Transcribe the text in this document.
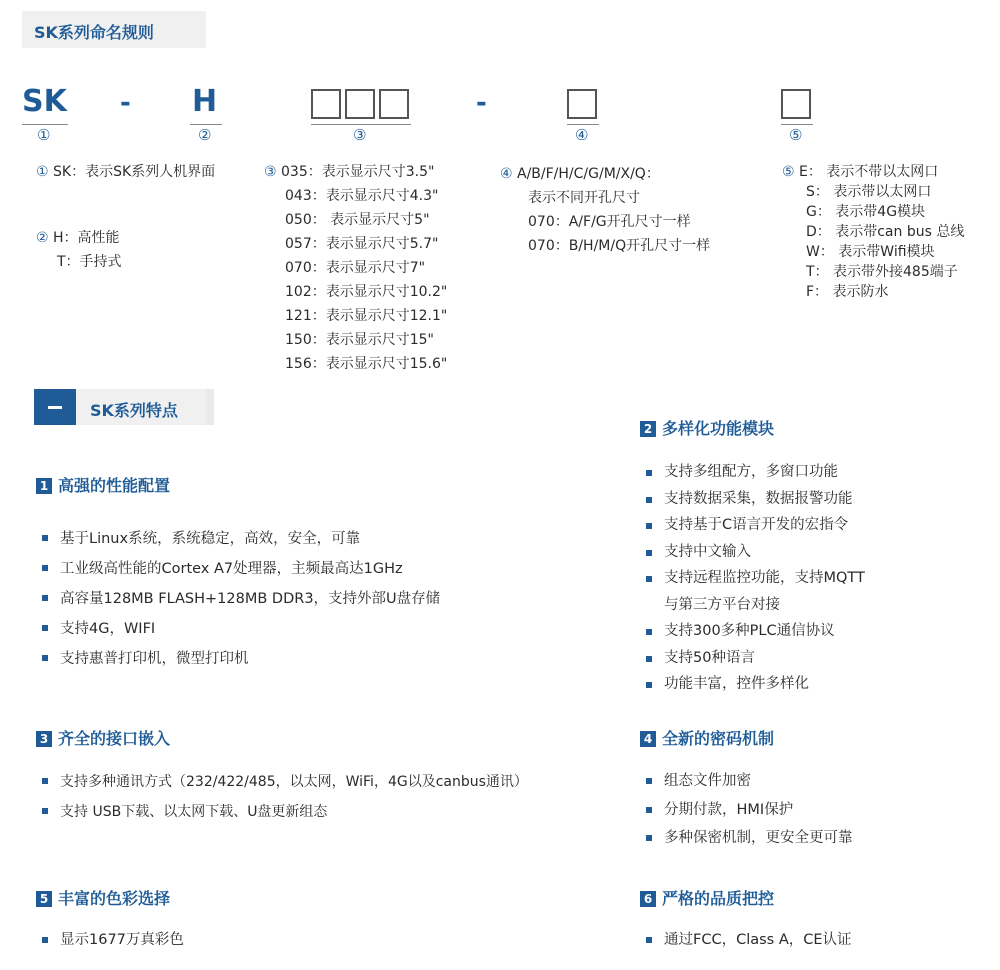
SK系列命名规则
SK - H	-
①	②	③	④	⑤
① SK：表示SK系列人机界面
② H：高性能
T：手持式
③ 035：表示显示尺寸3.5"
043：表示显示尺寸4.3"
050： 表示显示尺寸5"
057：表示显示尺寸5.7"
070：表示显示尺寸7"
102：表示显示尺寸10.2"
121：表示显示尺寸12.1"
150：表示显示尺寸15"
156：表示显示尺寸15.6"
④ A/B/F/H/C/G/M/X/Q：
表示不同开孔尺寸
070：A/F/G开孔尺寸一样
070：B/H/M/Q开孔尺寸一样
⑤ E： 表示不带以太网口
S： 表示带以太网口
G： 表示带4G模块
D： 表示带can bus 总线
W： 表示带Wifi模块
T： 表示带外接485端子
F： 表示防水
SK系列特点
1 高强的性能配置
基于Linux系统，系统稳定，高效，安全，可靠
工业级高性能的Cortex A7处理器，主频最高达1GHz
高容量128MB FLASH+128MB DDR3，支持外部U盘存储
支持4G，WIFI
支持惠普打印机，微型打印机
2 多样化功能模块
支持多组配方，多窗口功能
支持数据采集，数据报警功能
支持基于C语言开发的宏指令
支持中文输入
支持远程监控功能，支持MQTT
与第三方平台对接
支持300多种PLC通信协议
支持50种语言
功能丰富，控件多样化
3 齐全的接口嵌入
支持多种通讯方式（232/422/485，以太网，WiFi，4G以及canbus通讯）
支持 USB下载、以太网下载、U盘更新组态
4 全新的密码机制
组态文件加密
分期付款，HMI保护
多种保密机制，更安全更可靠
5 丰富的色彩选择
显示1677万真彩色
6 严格的品质把控
通过FCC，Class A，CE认证
